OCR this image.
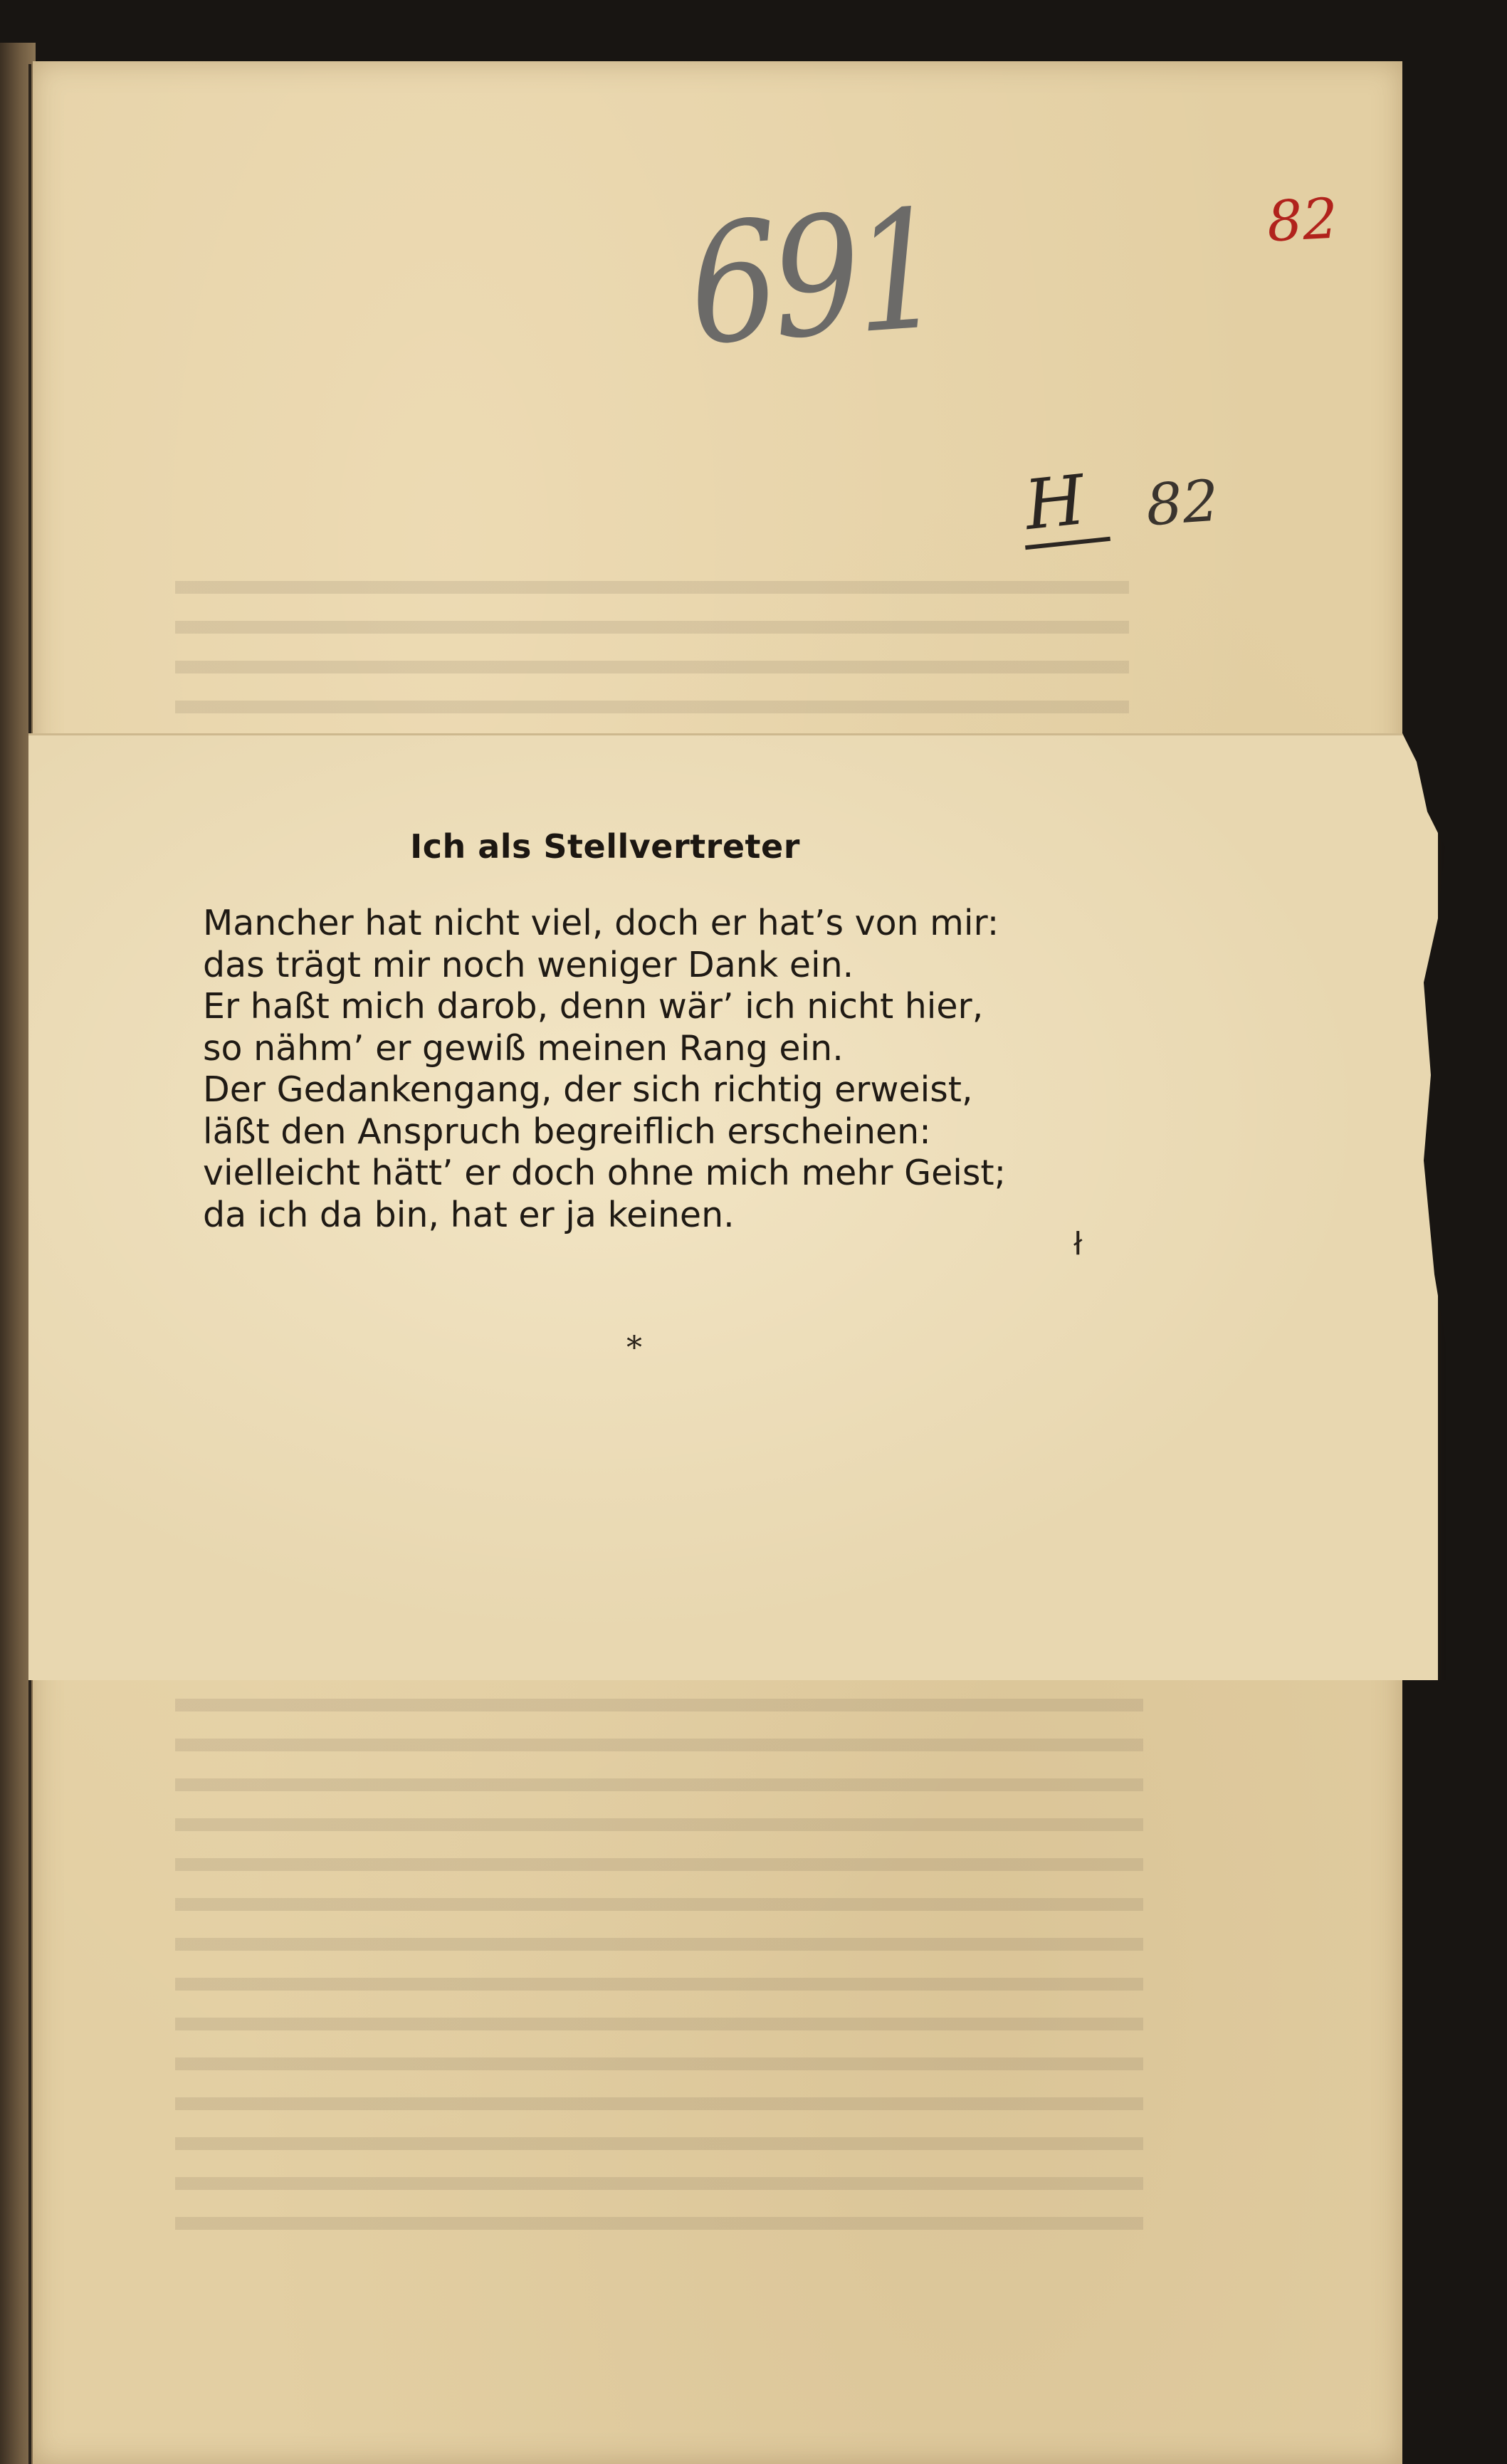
691	82
H 82
Ich als Stellvertreter
Mancher hat nicht viel, doch er hat’s von mir:
das trägt mir noch weniger Dank ein.
Er haßt mich darob, denn wär’ ich nicht hier,
so nähm’ er gewiß meinen Rang ein.
Der Gedankengang, der sich richtig erweist,
läßt den Anspruch begreiflich erscheinen:
vielleicht hätt’ er doch ohne mich mehr Geist;
da ich da bin, hat er ja keinen.
ł
*
